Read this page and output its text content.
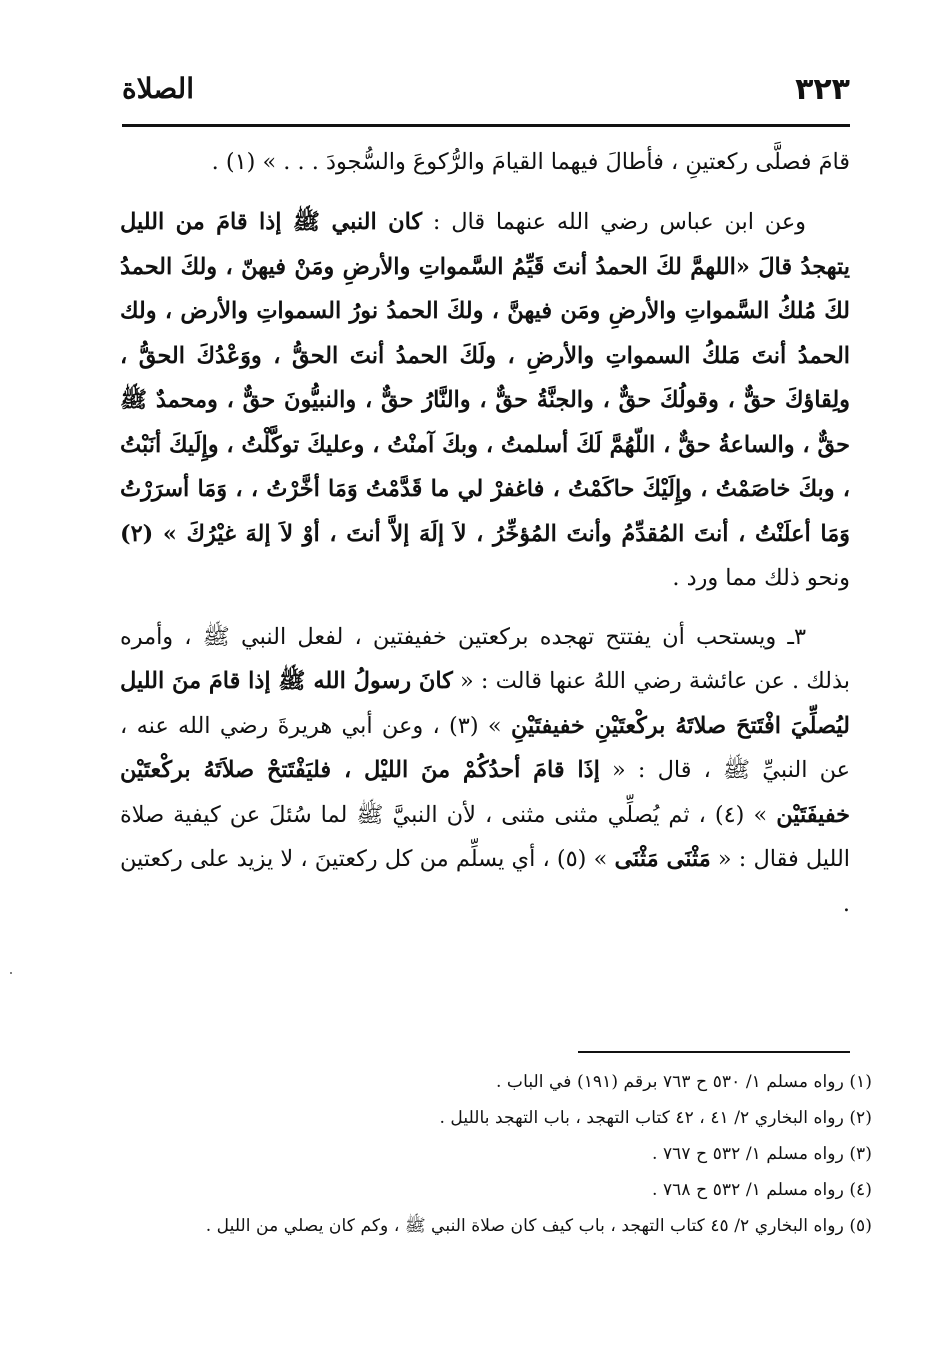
٣٢٣
الصلاة

قامَ فصلَّى ركعتينِ ، فأطالَ فيهما القيامَ والرُّكوعَ والسُّجودَ . . . » (١) .

وعن ابن عباس رضي الله عنهما قال : كان النبي ﷺ إذا قامَ من الليل يتهجدُ قالَ «اللهمَّ لكَ الحمدُ أنتَ قَيِّمُ السَّمواتِ والأرضِ ومَنْ فيهنّ ، ولكَ الحمدُ لكَ مُلكُ السَّمواتِ والأرضِ ومَن فيهنَّ ، ولكَ الحمدُ نورُ السمواتِ والأرض ، ولك الحمدُ أنتَ مَلكُ السمواتِ والأرضِ ، ولَكَ الحمدُ أنتَ الحقُّ ، ووَعْدُكَ الحقُّ ، ولِقاؤكَ حقٌّ ، وقولُكَ حقٌّ ، والجنَّةُ حقٌّ ، والنَّارُ حقٌّ ، والنبيُّونَ حقٌّ ، ومحمدٌ ﷺ حقٌّ ، والساعةُ حقٌّ ، اللّهُمَّ لَكَ أسلمتُ ، وبكَ آمنْتُ ، وعليكَ توكَّلْتُ ، وإِلَيكَ أنَبْتُ ، وبكَ خاصَمْتُ ، وإِلَيْكَ حاكَمْتُ ، فاغفرْ لي ما قَدَّمْتُ وَمَا أخَّرْتُ ، ، وَمَا أسرَرْتُ وَمَا أعلَنْتُ ، أنتَ المُقدِّمُ وأنتَ المُؤخِّرُ ، لاَ إلَهَ إلاَّ أنتَ ، أوْ لاَ إلهَ غيْرُكَ » (٢) ونحو ذلك مما ورد .

٣ـ ويستحب أن يفتتح تهجده بركعتين خفيفتين ، لفعل النبي ﷺ ، وأمره بذلك . عن عائشة رضي اللهُ عنها قالت : « كانَ رسولُ الله ﷺ إذا قامَ منَ الليل ليُصلِّيَ افْتَتحَ صلاتَهُ بركْعتَيْنِ خفيفتَيْنِ » (٣) ، وعن أبي هريرةَ رضي الله عنه ، عن النبيِّ ﷺ ، قال : « إذَا قامَ أحدُكُمْ منَ الليْل ، فليَفْتَتحْ صلاَتَهُ بركْعتَيْن خفيفَتَيْن » (٤) ، ثم يُصلِّي مثنى مثنى ، لأن النبيَّ ﷺ لما سُئلَ عن كيفية صلاة الليل فقال : « مَثْنَى مَثْنَى » (٥) ، أي يسلِّم من كل ركعتينَ ، لا يزيد على ركعتين .

(١) رواه مسلم ١/ ٥٣٠ ح ٧٦٣ برقم (١٩١) في الباب .

(٢) رواه البخاري ٢/ ٤١ ، ٤٢ كتاب التهجد ، باب التهجد بالليل .

(٣) رواه مسلم ١/ ٥٣٢ ح ٧٦٧ .

(٤) رواه مسلم ١/ ٥٣٢ ح ٧٦٨ .

(٥) رواه البخاري ٢/ ٤٥ كتاب التهجد ، باب كيف كان صلاة النبي ﷺ ، وكم كان يصلي من الليل .
